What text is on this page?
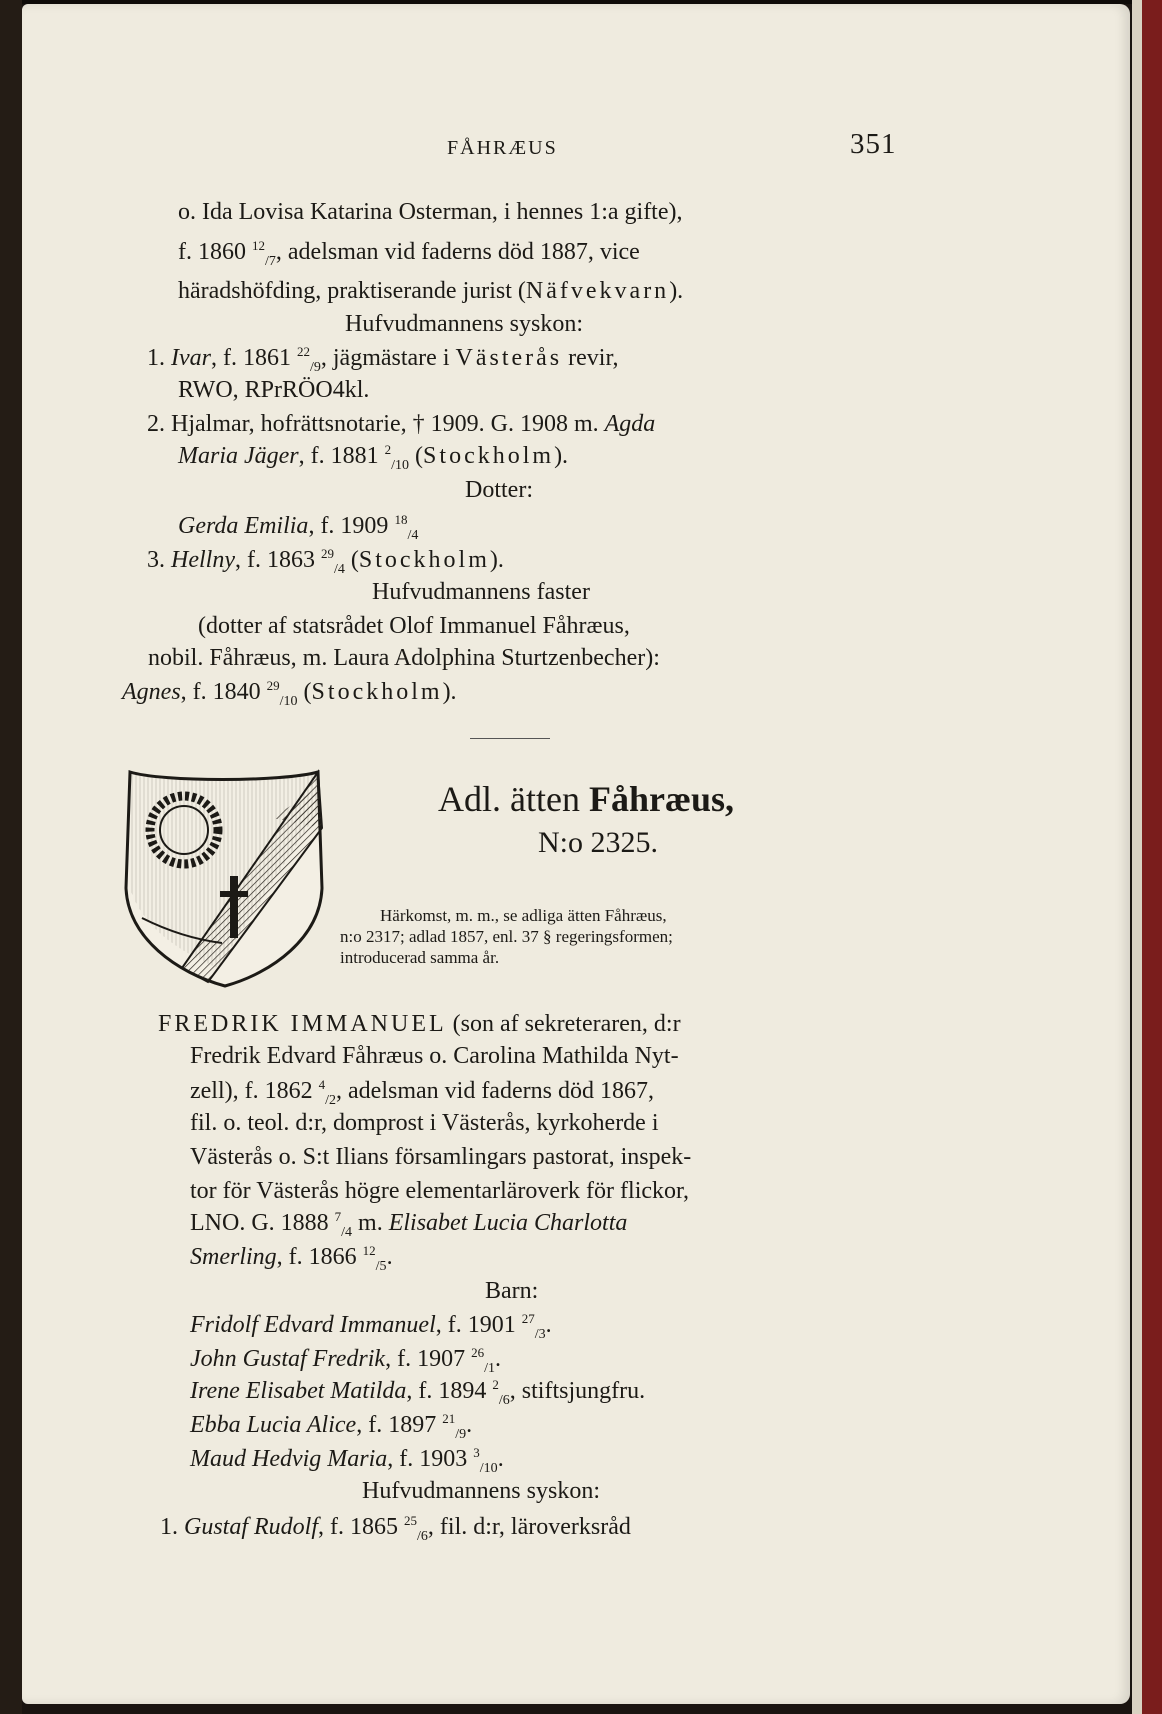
FÅHRÆUS	351
o. Ida Lovisa Katarina Osterman, i hennes 1:a gifte),
f. 1860 $^{12}_{/7}$, adelsman vid faderns död 1887, vice
häradshöfding, praktiserande jurist (Näfvekvarn).
Hufvudmannens syskon:
1. Ivar, f. 1861 $^{22}_{/9}$, jägmästare i Västerås revir,
RWO, RPrRÖO4kl.
2. Hjalmar, hofrättsnotarie, † 1909. G. 1908 m. Agda
Maria Jäger, f. 1881 $^2_{/10}$ (Stockholm).
Dotter:
Gerda Emilia, f. 1909 $^{18}_{/4}$
3. Hellny, f. 1863 $^{29}_{/4}$ (Stockholm).
Hufvudmannens faster
(dotter af statsrådet Olof Immanuel Fåhræus,
nobil. Fåhræus, m. Laura Adolphina Sturtzenbecher):
Agnes, f. 1840 $^{29}_{/10}$ (Stockholm).
Adl. ätten Fåhræus,
N:o 2325.
Härkomst, m. m., se adliga ätten Fåhræus,
n:o 2317; adlad 1857, enl. 37 § regeringsformen;
introducerad samma år.
FREDRIK IMMANUEL (son af sekreteraren, d:r
Fredrik Edvard Fåhræus o. Carolina Mathilda Nyt-
zell), f. 1862 $^4_{/2}$, adelsman vid faderns död 1867,
fil. o. teol. d:r, domprost i Västerås, kyrkoherde i
Västerås o. S:t Ilians församlingars pastorat, inspek-
tor för Västerås högre elementarläroverk för flickor,
LNO. G. 1888 $^7_{/4}$ m. Elisabet Lucia Charlotta
Smerling, f. 1866 $^{12}_{/5}$.
Barn:
Fridolf Edvard Immanuel, f. 1901 $^{27}_{/3}$.
John Gustaf Fredrik, f. 1907 $^{26}_{/1}$.
Irene Elisabet Matilda, f. 1894 $^2_{/6}$, stiftsjungfru.
Ebba Lucia Alice, f. 1897 $^{21}_{/9}$.
Maud Hedvig Maria, f. 1903 $^3_{/10}$.
Hufvudmannens syskon:
1. Gustaf Rudolf, f. 1865 $^{25}_{/6}$, fil. d:r, läroverksråd
